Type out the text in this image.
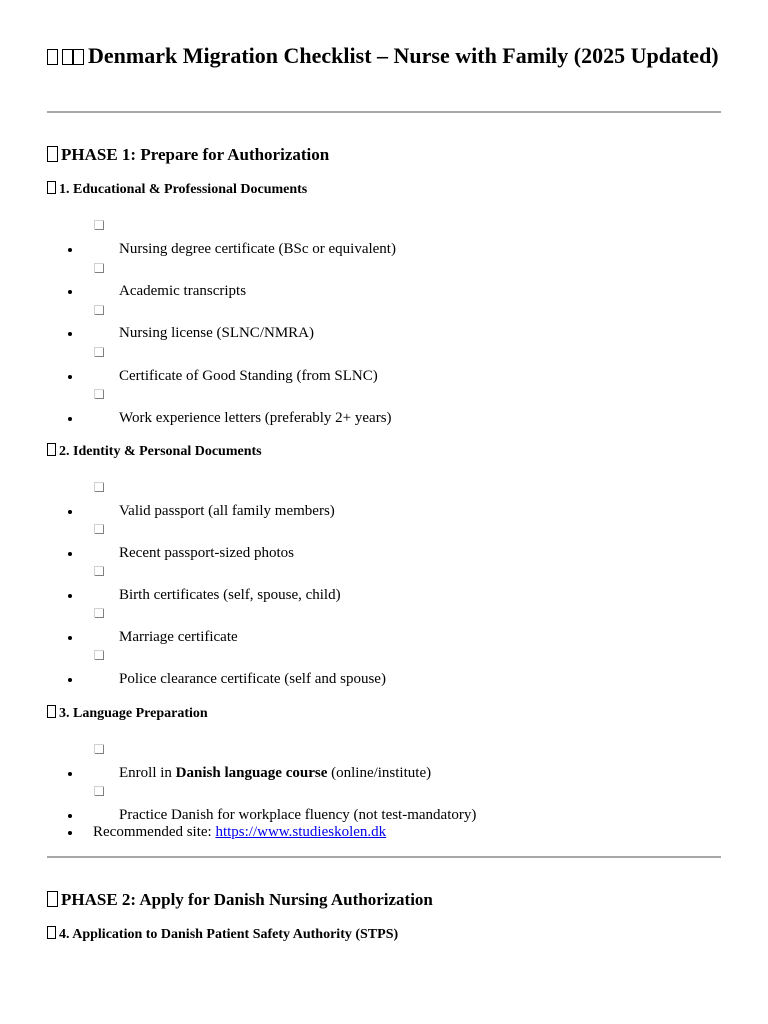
Denmark Migration Checklist – Nurse with Family (2025 Updated)
PHASE 1: Prepare for Authorization
1. Educational & Professional Documents

Nursing degree certificate (BSc or equivalent)

Academic transcripts

Nursing license (SLNC/NMRA)

Certificate of Good Standing (from SLNC)

Work experience letters (preferably 2+ years)

2. Identity & Personal Documents

Valid passport (all family members)

Recent passport-sized photos

Birth certificates (self, spouse, child)

Marriage certificate

Police clearance certificate (self and spouse)

3. Language Preparation

Enroll in Danish language course (online/institute)

Practice Danish for workplace fluency (not test-mandatory)

Recommended site: https://www.studieskolen.dk

PHASE 2: Apply for Danish Nursing Authorization
4. Application to Danish Patient Safety Authority (STPS)
